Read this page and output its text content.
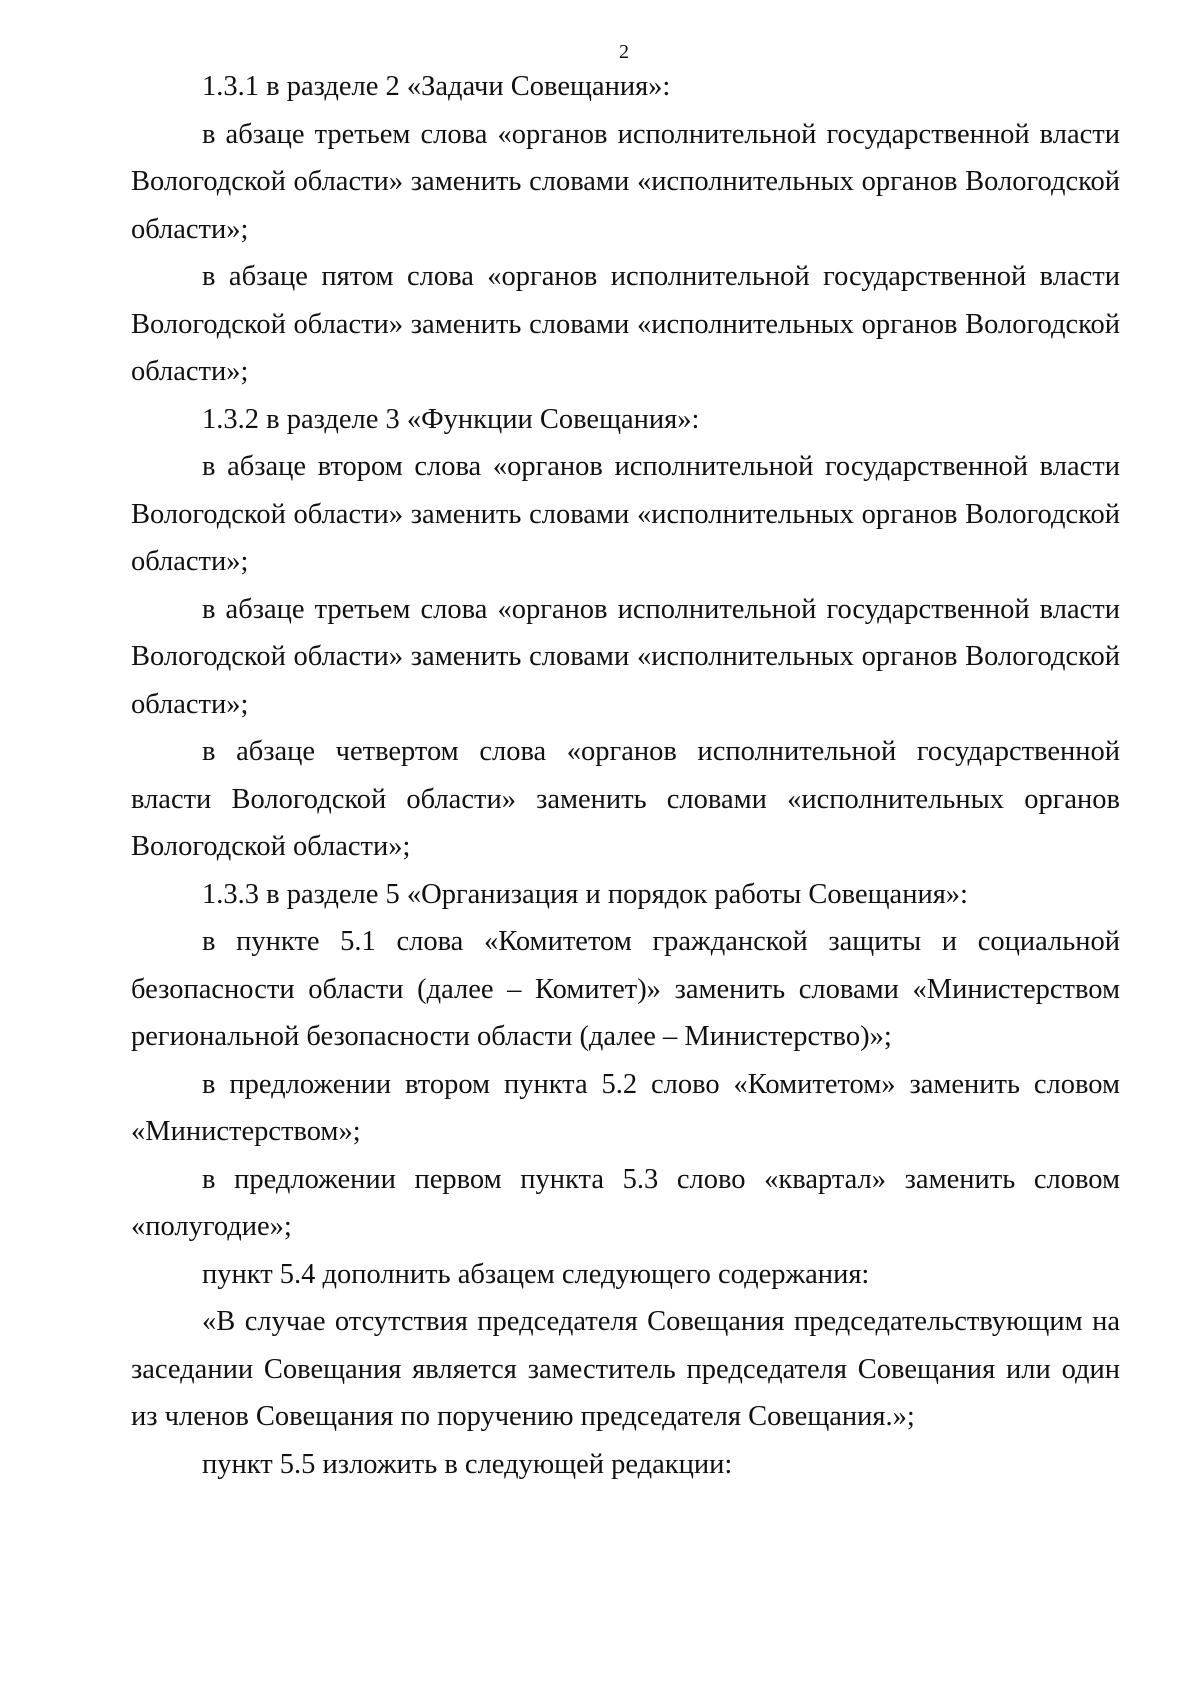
2

1.3.1 в разделе 2 «Задачи Совещания»:

в абзаце третьем слова «органов исполнительной государственной власти Вологодской области» заменить словами «исполнительных органов Вологодской области»;

в абзаце пятом слова «органов исполнительной государственной власти Вологодской области» заменить словами «исполнительных органов Вологодской области»;

1.3.2 в разделе 3 «Функции Совещания»:

в абзаце втором слова «органов исполнительной государственной власти Вологодской области» заменить словами «исполнительных органов Вологодской области»;

в абзаце третьем слова «органов исполнительной государственной власти Вологодской области» заменить словами «исполнительных органов Вологодской области»;

в абзаце четвертом слова «органов исполнительной государственной власти Вологодской области» заменить словами «исполнительных органов Вологодской области»;

1.3.3 в разделе 5 «Организация и порядок работы Совещания»:

в пункте 5.1 слова «Комитетом гражданской защиты и социальной безопасности области (далее – Комитет)» заменить словами «Министерством региональной безопасности области (далее – Министерство)»;

в предложении втором пункта 5.2 слово «Комитетом» заменить словом «Министерством»;

в предложении первом пункта 5.3 слово «квартал» заменить словом «полугодие»;

пункт 5.4 дополнить абзацем следующего содержания:

«В случае отсутствия председателя Совещания председательствующим на заседании Совещания является заместитель председателя Совещания или один из членов Совещания по поручению председателя Совещания.»;

пункт 5.5 изложить в следующей редакции:
